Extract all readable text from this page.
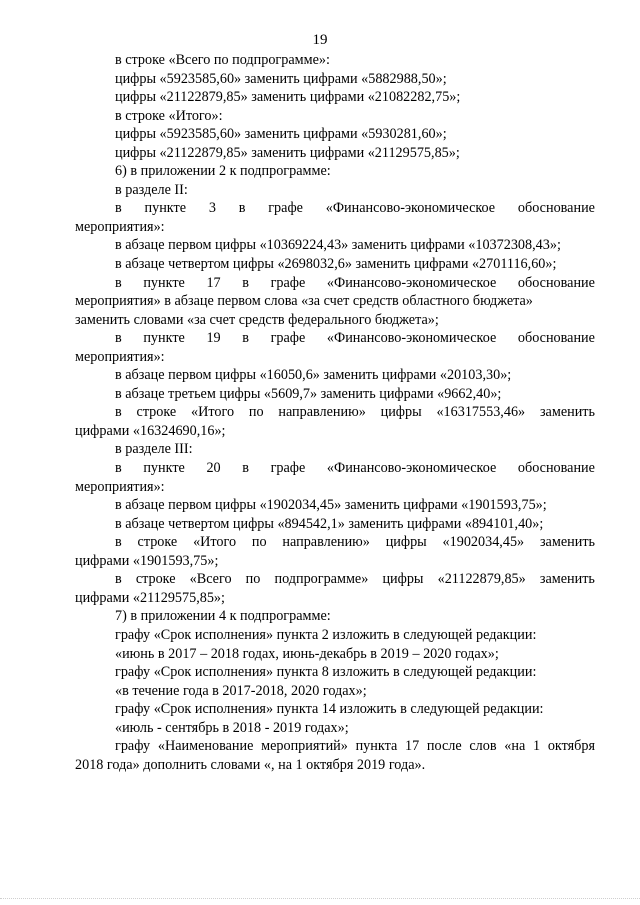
19
в строке «Всего по подпрограмме»:
цифры «5923585,60» заменить цифрами «5882988,50»;
цифры «21122879,85» заменить цифрами «21082282,75»;
в строке «Итого»:
цифры «5923585,60» заменить цифрами «5930281,60»;
цифры «21122879,85» заменить цифрами «21129575,85»;
6) в приложении 2 к подпрограмме:
в разделе II:
в пункте 3 в графе «Финансово-экономическое обоснование
мероприятия»:
в абзаце первом цифры «10369224,43» заменить цифрами «10372308,43»;
в абзаце четвертом цифры «2698032,6» заменить цифрами «2701116,60»;
в пункте 17 в графе «Финансово-экономическое обоснование
мероприятия» в абзаце первом слова «за счет средств областного бюджета»
заменить словами «за счет средств федерального бюджета»;
в пункте 19 в графе «Финансово-экономическое обоснование
мероприятия»:
в абзаце первом цифры «16050,6» заменить цифрами «20103,30»;
в абзаце третьем цифры «5609,7» заменить цифрами «9662,40»;
в строке «Итого по направлению» цифры «16317553,46» заменить
цифрами «16324690,16»;
в разделе III:
в пункте 20 в графе «Финансово-экономическое обоснование
мероприятия»:
в абзаце первом цифры «1902034,45» заменить цифрами «1901593,75»;
в абзаце четвертом цифры «894542,1» заменить цифрами «894101,40»;
в строке «Итого по направлению» цифры «1902034,45» заменить
цифрами «1901593,75»;
в строке «Всего по подпрограмме» цифры «21122879,85» заменить
цифрами «21129575,85»;
7) в приложении 4 к подпрограмме:
графу «Срок исполнения» пункта 2 изложить в следующей редакции:
«июнь в 2017 – 2018 годах, июнь-декабрь в 2019 – 2020 годах»;
графу «Срок исполнения» пункта 8 изложить в следующей редакции:
«в течение года в 2017-2018, 2020 годах»;
графу «Срок исполнения» пункта 14 изложить в следующей редакции:
«июль - сентябрь в 2018 - 2019 годах»;
графу «Наименование мероприятий» пункта 17 после слов «на 1 октября
2018 года» дополнить словами «, на 1 октября 2019 года».
